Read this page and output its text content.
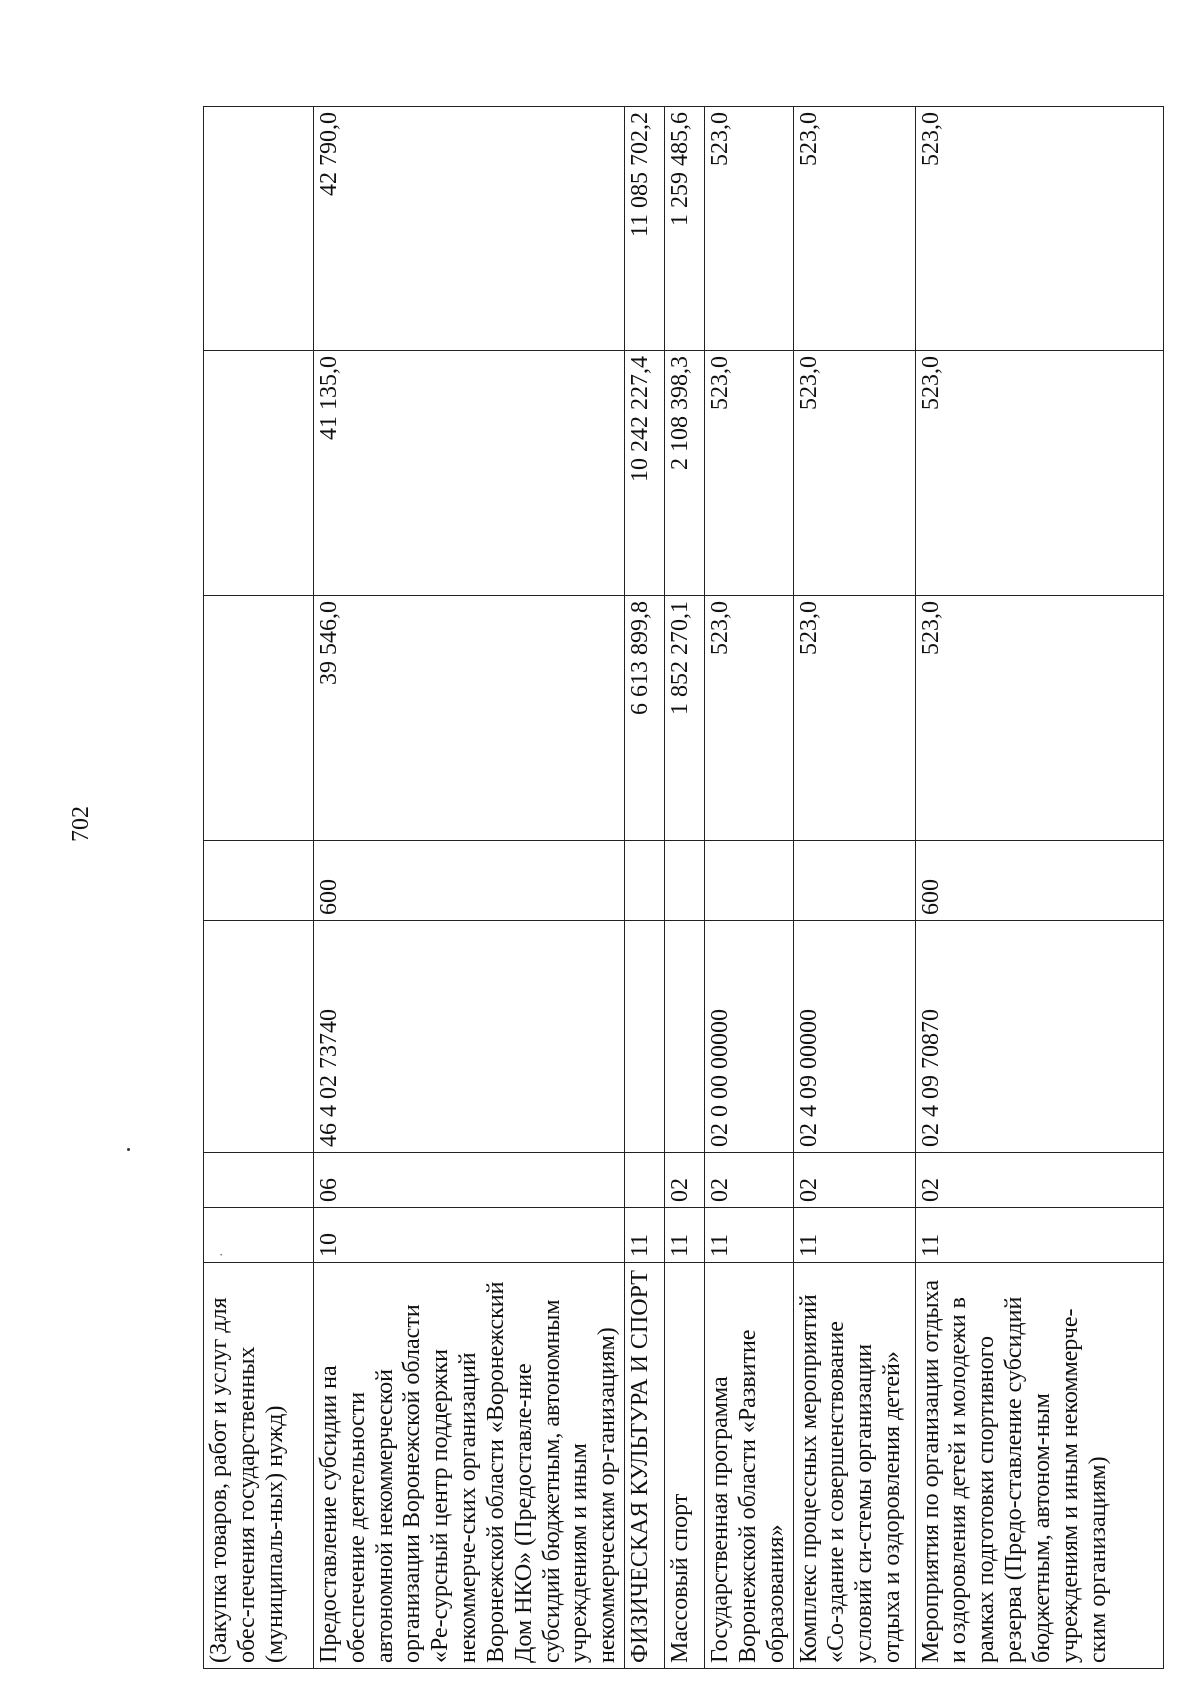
702
(Закупка товаров, работ и услуг для обес-печения государственных (муниципаль-ных) нужд)	·						
Предоставление субсидии на обеспечение деятельности автономной некоммерческой организации Воронежской области «Ре-сурсный центр поддержки некоммерче-ских организаций Воронежской области «Воронежский Дом НКО» (Предоставле-ние субсидий бюджетным, автономным учреждениям и иным некоммерческим ор-ганизациям)	10	06	46 4 02 73740	600	39 546,0	41 135,0	42 790,0
ФИЗИЧЕСКАЯ КУЛЬТУРА И СПОРТ	11				6 613 899,8	10 242 227,4	11 085 702,2
Массовый спорт	11	02			1 852 270,1	2 108 398,3	1 259 485,6
Государственная программа Воронежской области «Развитие образования»	11	02	02 0 00 00000		523,0	523,0	523,0
Комплекс процессных мероприятий «Со-здание и совершенствование условий си-стемы организации отдыха и оздоровления детей»	11	02	02 4 09 00000		523,0	523,0	523,0
Мероприятия по организации отдыха и оздоровления детей и молодежи в рамках подготовки спортивного резерва (Предо-ставление субсидий бюджетным, автоном-ным учреждениям и иным некоммерче-ским организациям)	11	02	02 4 09 70870	600	523,0	523,0	523,0
